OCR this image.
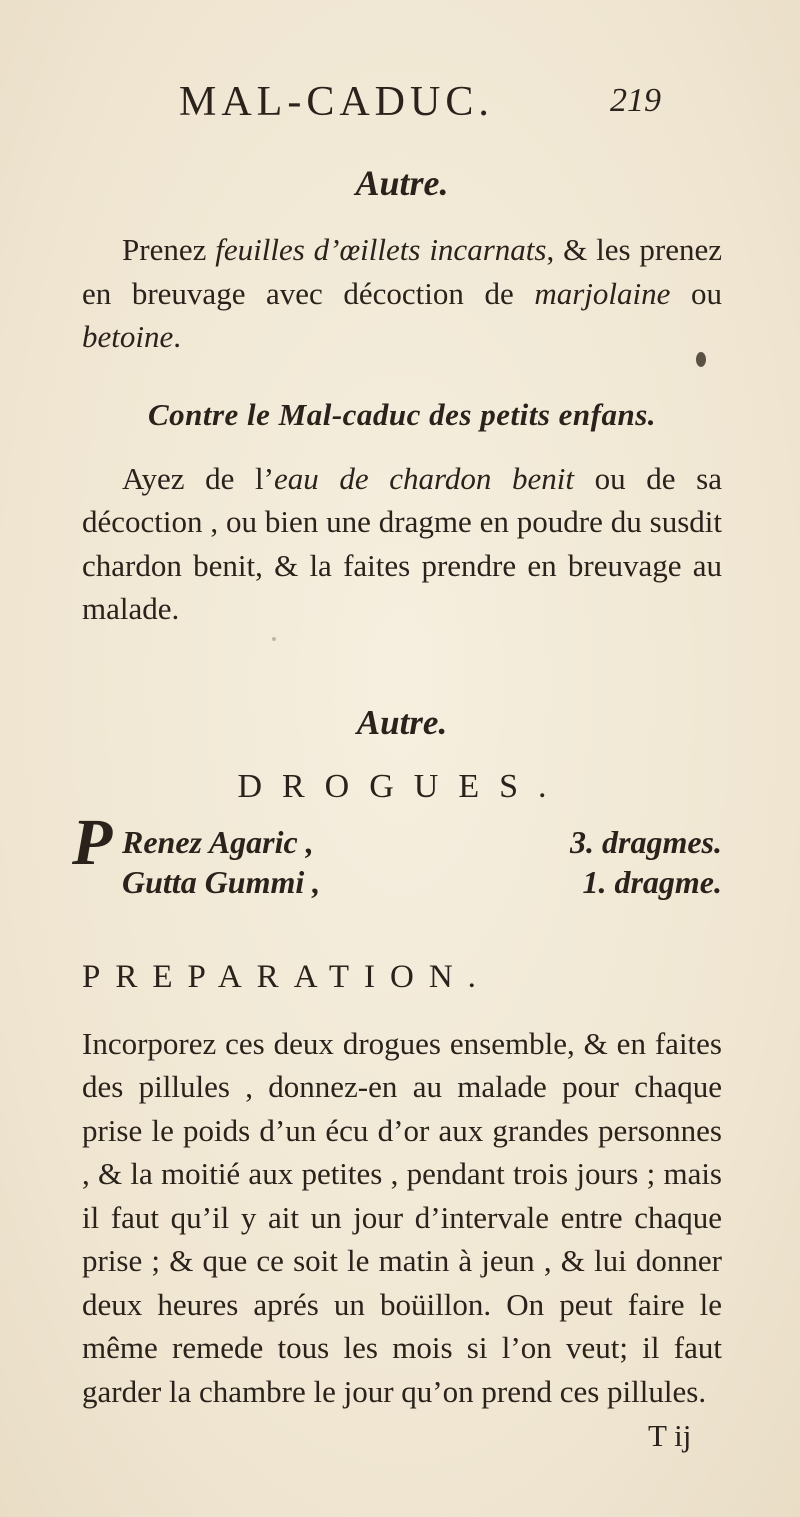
MAL-CADUC.	219
Autre.

Prenez feuilles d’œillets incarnats, & les prenez en breuvage avec décoction de marjolaine ou betoine.

Contre le Mal-caduc des petits enfans.

Ayez de l’eau de chardon benit ou de sa décoction , ou bien une dragme en poudre du susdit chardon benit, & la faites prendre en breuvage au malade.

Autre.
DROGUES.
P Renez Agaric ,	3. dragmes.
Gutta Gummi ,	1. dragme.
PREPARATION.

Incorporez ces deux drogues ensemble, & en faites des pillules , donnez-en au malade pour chaque prise le poids d’un écu d’or aux grandes personnes , & la moitié aux petites , pendant trois jours ; mais il faut qu’il y ait un jour d’intervale entre chaque prise ; & que ce soit le matin à jeun , & lui donner deux heures aprés un boüillon. On peut faire le même remede tous les mois si l’on veut; il faut garder la chambre le jour qu’on prend ces pillules.

T ij
